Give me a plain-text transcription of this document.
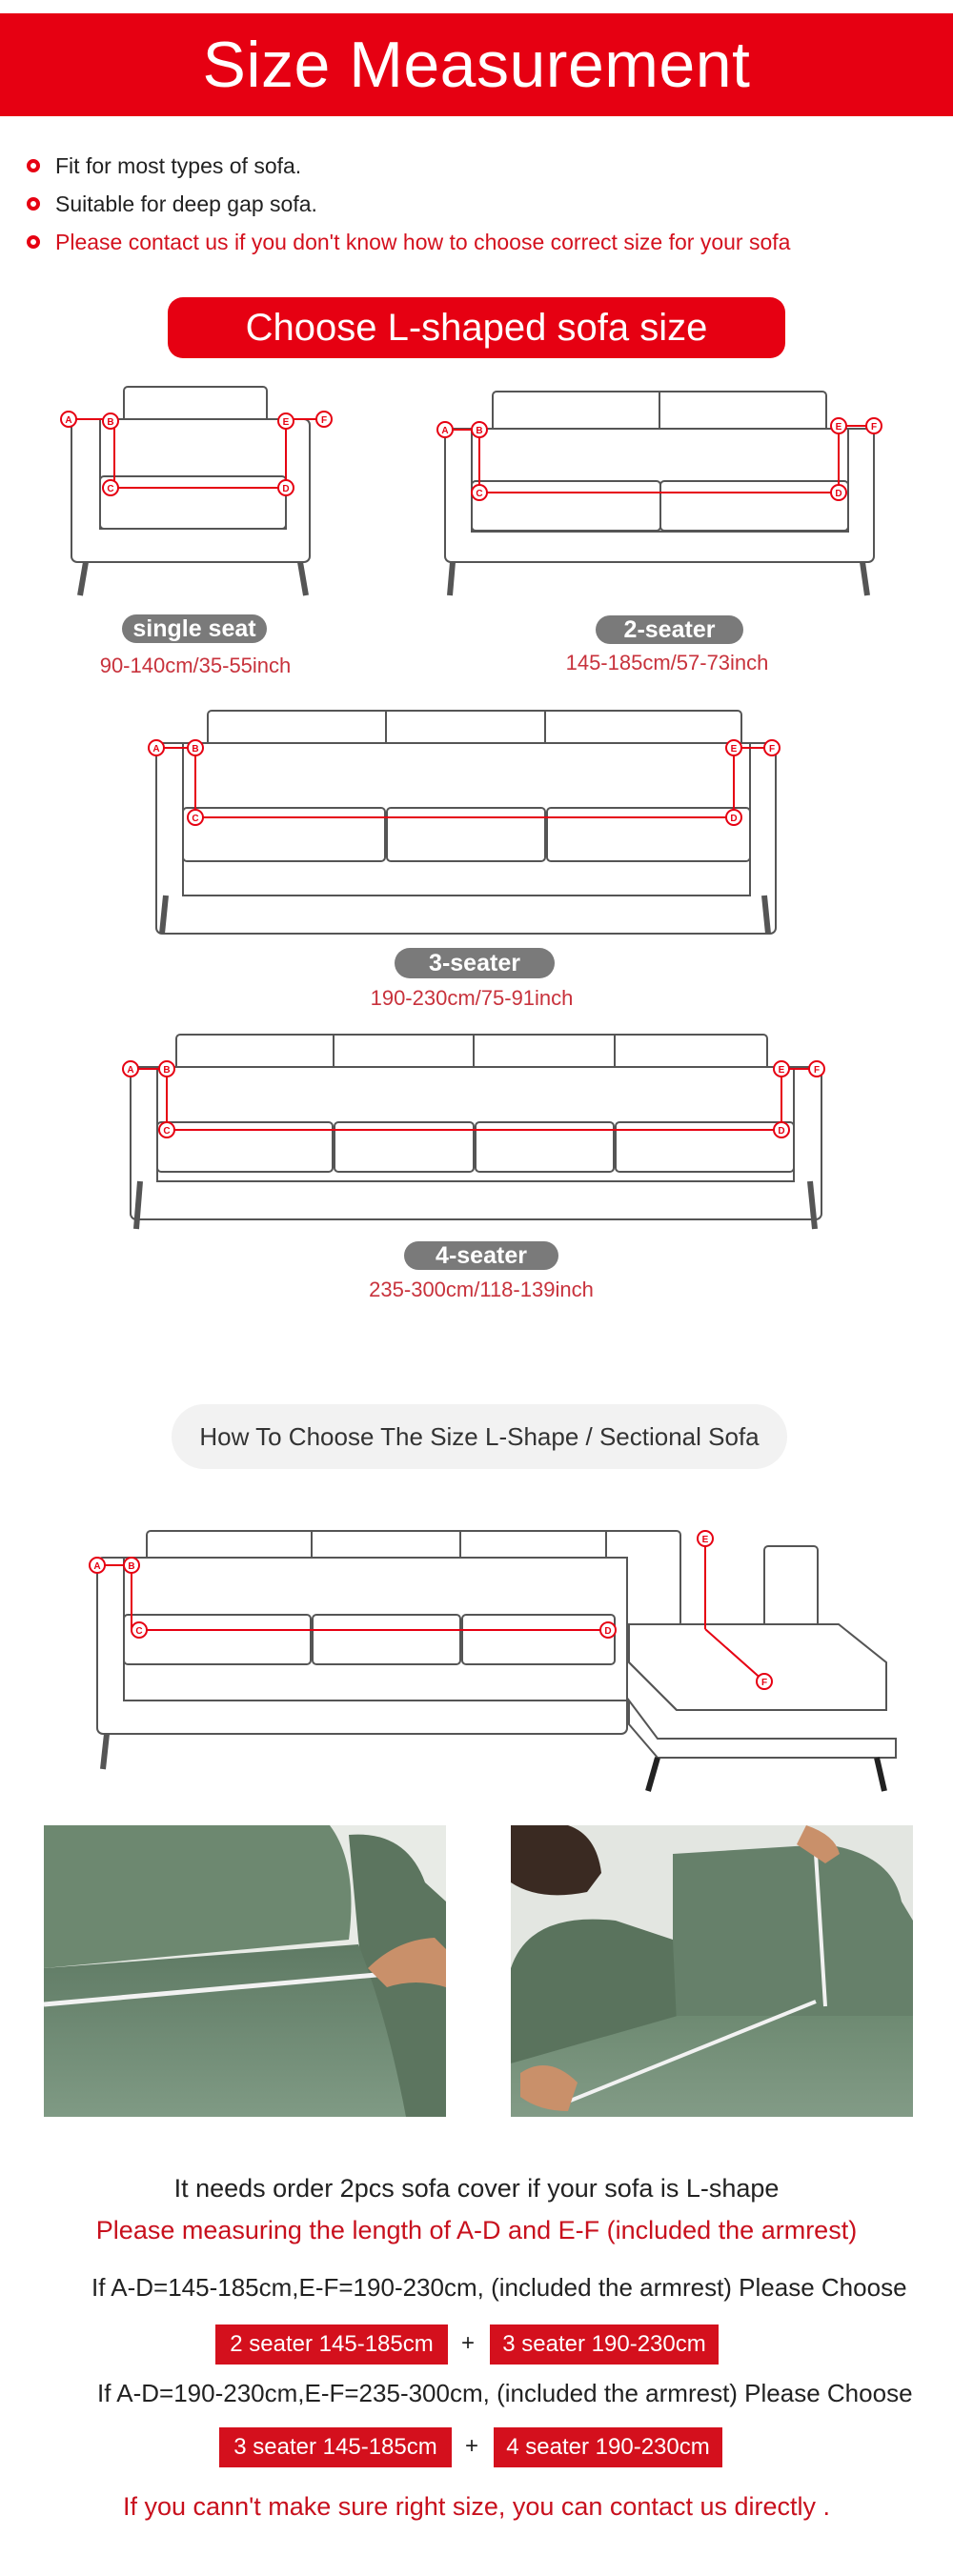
Size Measurement
Fit for most types of sofa.
Suitable for deep gap sofa.
Please contact us if you don't know how to choose correct size for your sofa
Choose L-shaped sofa size
A	B
C	D
E	F
single seat
90-140cm/35-55inch
A	B
C	D
E	F
2-seater
145-185cm/57-73inch
A	B
C	D
E	F
3-seater
190-230cm/75-91inch
A	B
C	D
E	F
4-seater
235-300cm/118-139inch
How To Choose The Size L-Shape / Sectional Sofa
A	B
C	D
E
F
It needs order 2pcs sofa cover if your sofa is L-shape
Please measuring the length of A-D and E-F (included the armrest)
If A-D=145-185cm,E-F=190-230cm, (included the armrest) Please Choose
2 seater 145-185cm	+	3 seater 190-230cm
If A-D=190-230cm,E-F=235-300cm, (included the armrest) Please Choose
3 seater 145-185cm	+	4 seater 190-230cm
If you cann't make sure right size, you can contact us directly .
